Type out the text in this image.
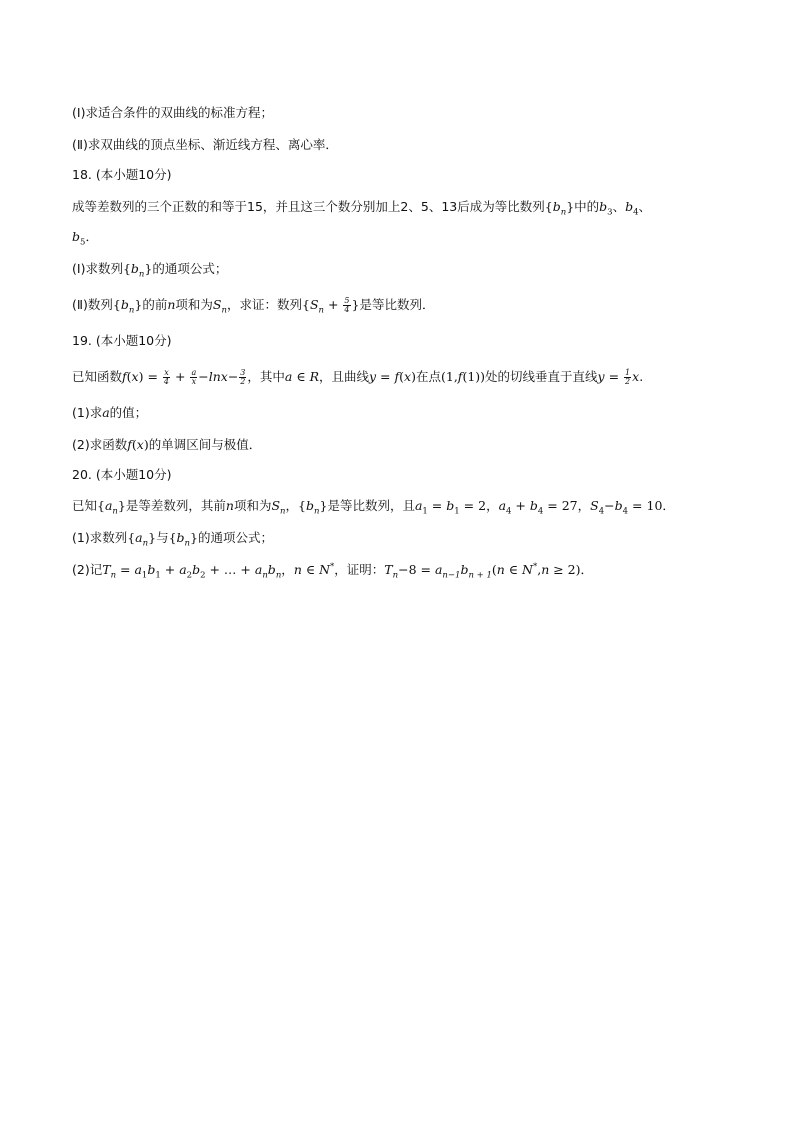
(Ⅰ)求适合条件的双曲线的标准方程；
(Ⅱ)求双曲线的顶点坐标、渐近线方程、离心率．
18. (本小题10分)
成等差数列的三个正数的和等于15，并且这三个数分别加上2、5、13后成为等比数列$\{b_n\}$中的$b_3$、$b_4$、
$b_5$．
(Ⅰ)求数列$\{b_n\}$的通项公式；
(Ⅱ)数列$\{b_n\}$的前n项和为$S_n$，求证：数列{$S_n + \frac{5}{4}$ }是等比数列．
19. (本小题10分)
已知函数$f(x) = \frac{x}{4} + \frac{a}{x} -\ln x- \frac{3}{2}$ ，其中a ∈ R，且曲线y = f(x)在点(1,f(1))处的切线垂直于直线$y = \frac{1}{2} x$.
(1)求a的值；
(2)求函数f(x)的单调区间与极值．
20. (本小题10分)
已知$\{a_n\}$是等差数列，其前n项和为$S_n$，$\{b_n\}$是等比数列，且$a_1 = b_1 = 2$，$a_4 + b_4 = 27$，$S_4-b_4 = 10$．
(1)求数列$\{a_n\}$与$\{b_n\}$的通项公式；
(2)记$T_n = a_1b_1 + a_2b_2$ + … + $a_nb_n$，n ∈ N*，证明：$T_n-8 = a_{n-1}b_{n + 1}(n$ ∈ N*,n ≥ 2)．
